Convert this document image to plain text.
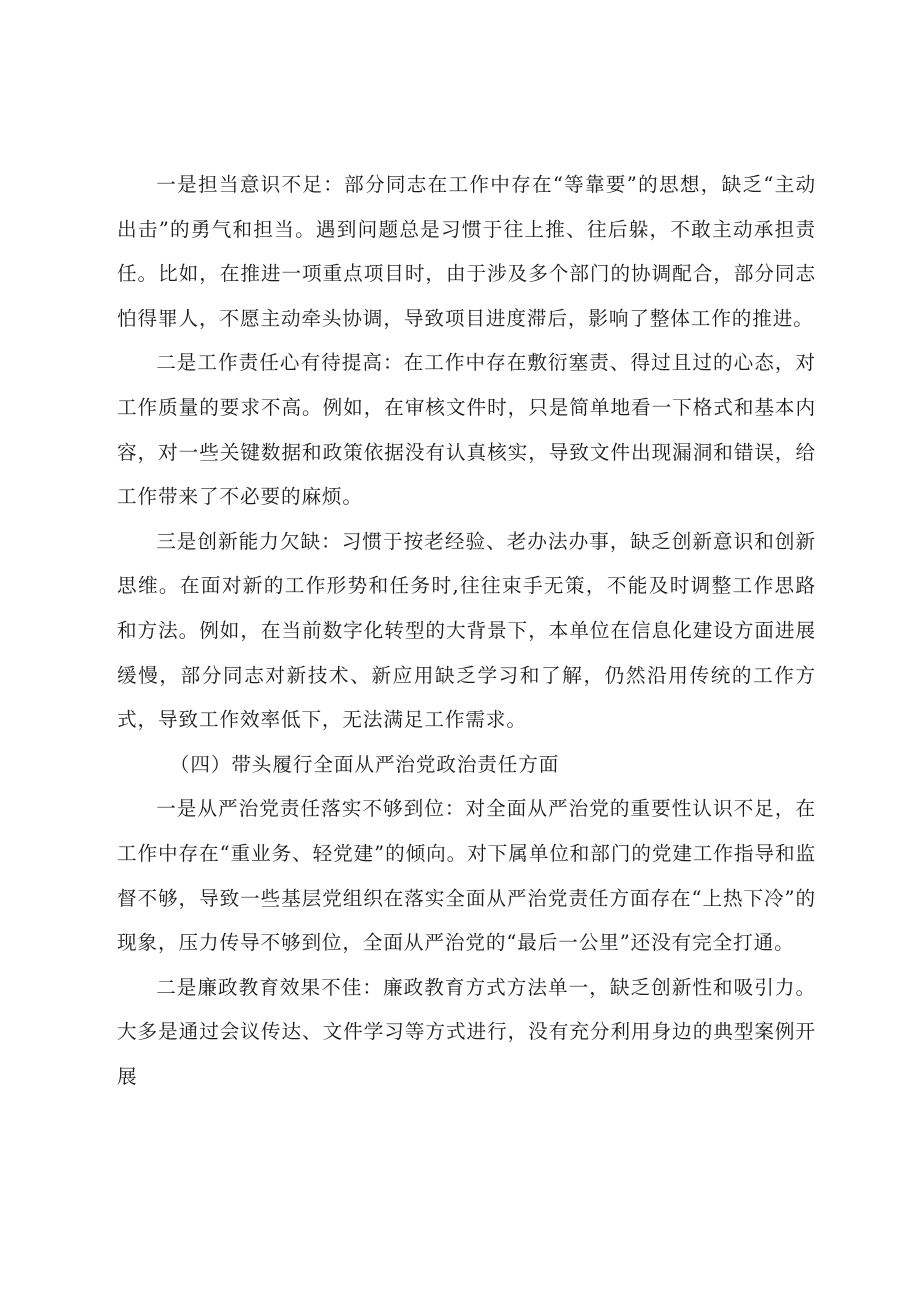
一是担当意识不足：部分同志在工作中存在“等靠要”的思想，缺乏“主动出击”的勇气和担当。遇到问题总是习惯于往上推、往后躲，不敢主动承担责任。比如，在推进一项重点项目时，由于涉及多个部门的协调配合，部分同志怕得罪人，不愿主动牵头协调，导致项目进度滞后，影响了整体工作的推进。

二是工作责任心有待提高：在工作中存在敷衍塞责、得过且过的心态，对工作质量的要求不高。例如，在审核文件时，只是简单地看一下格式和基本内容，对一些关键数据和政策依据没有认真核实，导致文件出现漏洞和错误，给工作带来了不必要的麻烦。

三是创新能力欠缺：习惯于按老经验、老办法办事，缺乏创新意识和创新思维。在面对新的工作形势和任务时,往往束手无策，不能及时调整工作思路和方法。例如，在当前数字化转型的大背景下，本单位在信息化建设方面进展缓慢，部分同志对新技术、新应用缺乏学习和了解，仍然沿用传统的工作方式，导致工作效率低下，无法满足工作需求。

（四）带头履行全面从严治党政治责任方面

一是从严治党责任落实不够到位：对全面从严治党的重要性认识不足，在工作中存在“重业务、轻党建”的倾向。对下属单位和部门的党建工作指导和监督不够，导致一些基层党组织在落实全面从严治党责任方面存在“上热下冷”的现象，压力传导不够到位，全面从严治党的“最后一公里”还没有完全打通。

二是廉政教育效果不佳：廉政教育方式方法单一，缺乏创新性和吸引力。大多是通过会议传达、文件学习等方式进行，没有充分利用身边的典型案例开展
